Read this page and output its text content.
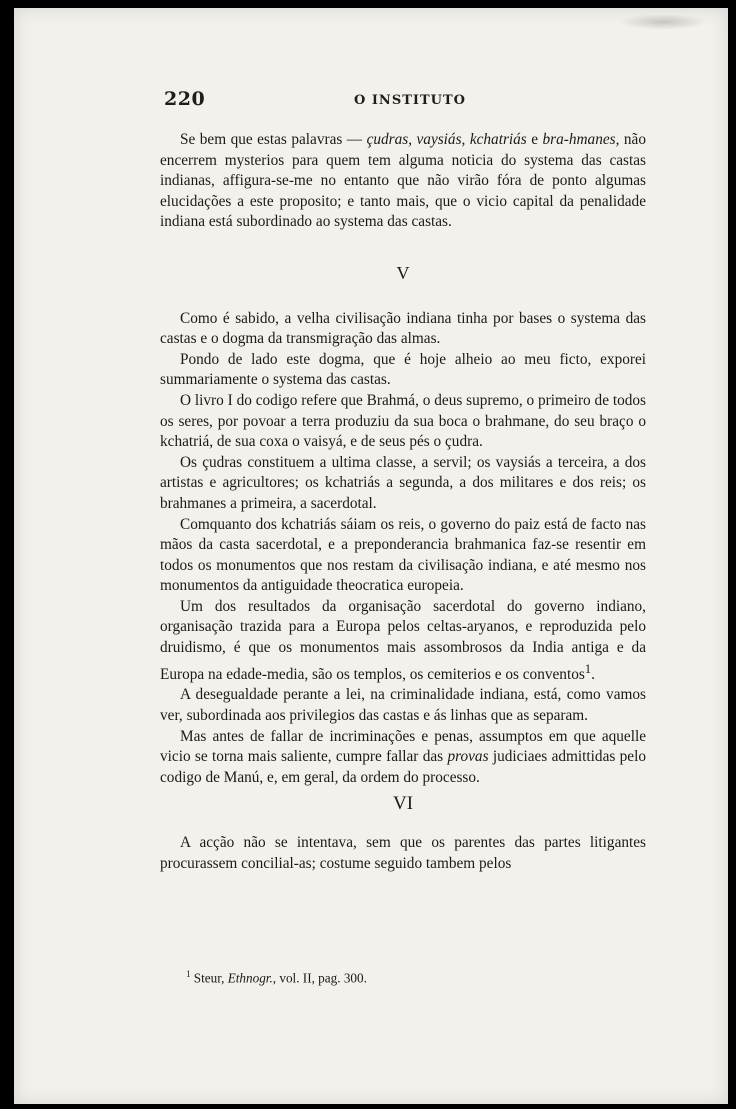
220	O INSTITUTO

Se bem que estas palavras — çudras, vaysiás, kchatriás e bra-hmanes, não encerrem mysterios para quem tem alguma noticia do systema das castas indianas, affigura-se-me no entanto que não virão fóra de ponto algumas elucidações a este proposito; e tanto mais, que o vicio capital da penalidade indiana está subordinado ao systema das castas.

V

Como é sabido, a velha civilisação indiana tinha por bases o systema das castas e o dogma da transmigração das almas.

Pondo de lado este dogma, que é hoje alheio ao meu ficto, exporei summariamente o systema das castas.

O livro I do codigo refere que Brahmá, o deus supremo, o primeiro de todos os seres, por povoar a terra produziu da sua boca o brahmane, do seu braço o kchatriá, de sua coxa o vaisyá, e de seus pés o çudra.

Os çudras constituem a ultima classe, a servil; os vaysiás a terceira, a dos artistas e agricultores; os kchatriás a segunda, a dos militares e dos reis; os brahmanes a primeira, a sacerdotal.

Comquanto dos kchatriás sáiam os reis, o governo do paiz está de facto nas mãos da casta sacerdotal, e a preponderancia brahmanica faz-se resentir em todos os monumentos que nos restam da civilisação indiana, e até mesmo nos monumentos da antiguidade theocratica europeia.

Um dos resultados da organisação sacerdotal do governo indiano, organisação trazida para a Europa pelos celtas-aryanos, e reproduzida pelo druidismo, é que os monumentos mais assombrosos da India antiga e da Europa na edade-media, são os templos, os cemiterios e os conventos$^1$.

A desegualdade perante a lei, na criminalidade indiana, está, como vamos ver, subordinada aos privilegios das castas e ás linhas que as separam.

Mas antes de fallar de incriminações e penas, assumptos em que aquelle vicio se torna mais saliente, cumpre fallar das provas judiciaes admittidas pelo codigo de Manú, e, em geral, da ordem do processo.

VI

A acção não se intentava, sem que os parentes das partes litigantes procurassem concilial-as; costume seguido tambem pelos

$^1$ Steur, Ethnogr., vol. II, pag. 300.
